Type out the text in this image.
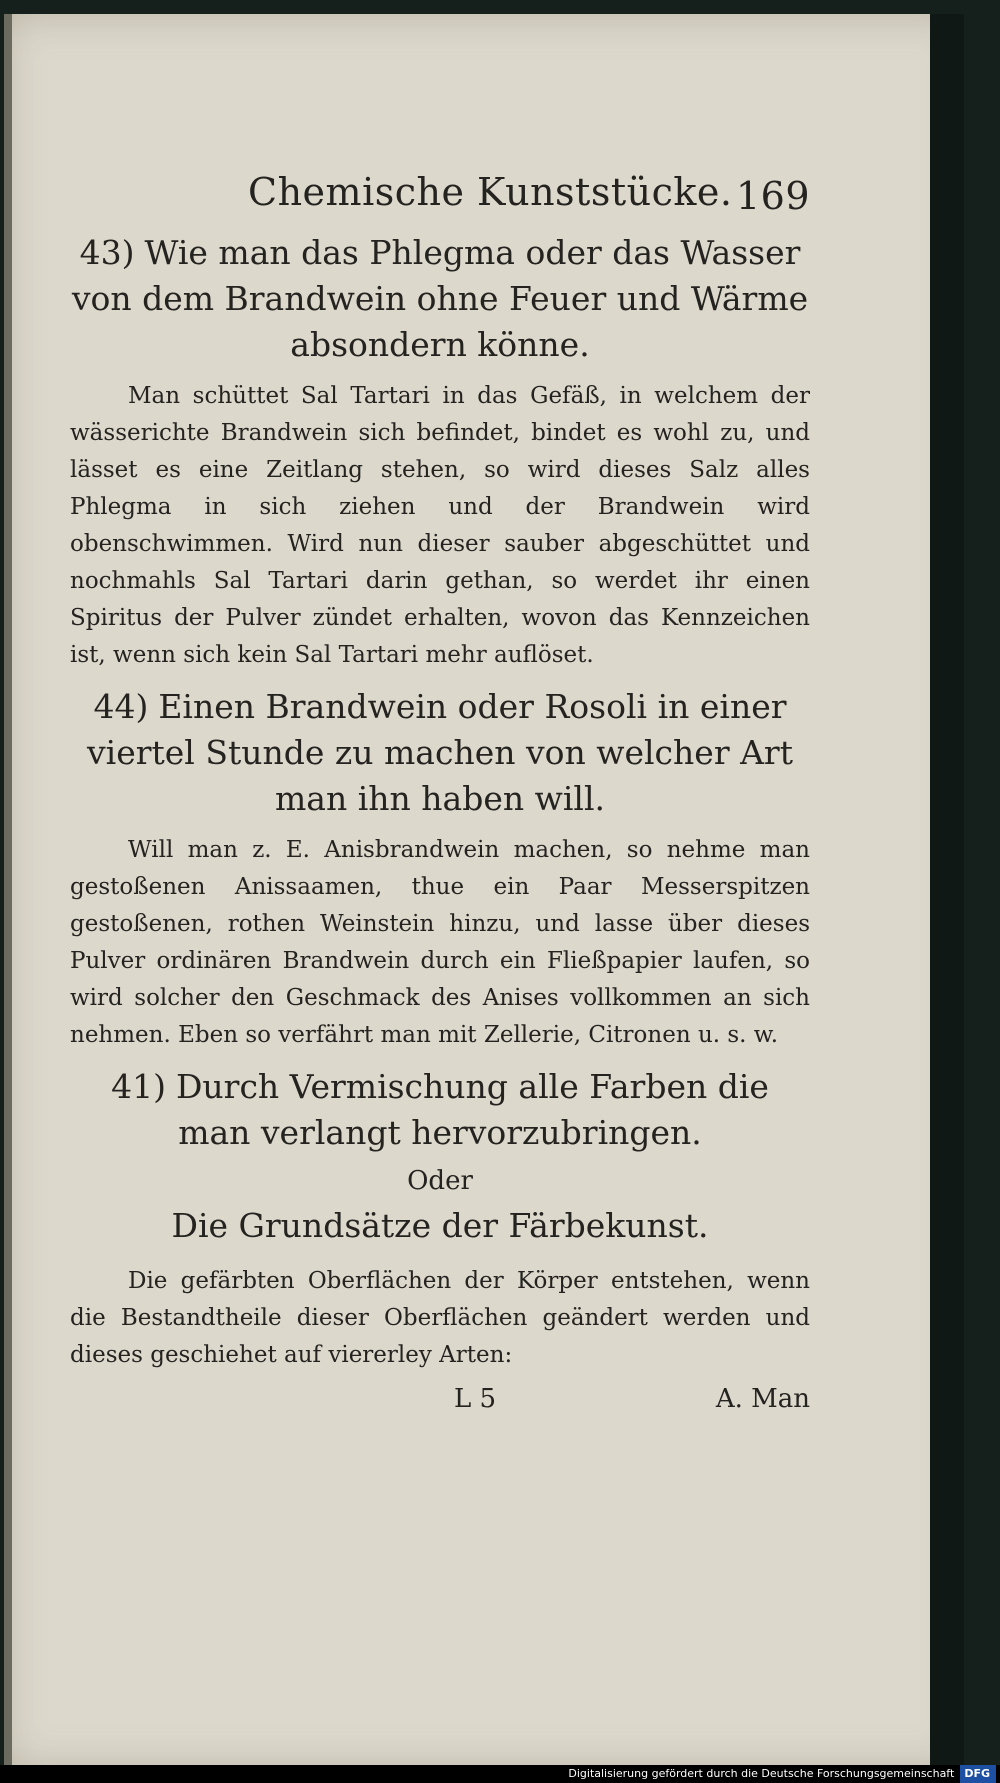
Chemische Kunststücke. 169
43) Wie man das Phlegma oder das Wasser von dem Brandwein ohne Feuer und Wärme absondern könne.

Man schüttet Sal Tartari in das Gefäß, in welchem der wässerichte Brandwein sich befindet, bindet es wohl zu, und lässet es eine Zeitlang stehen, so wird dieses Salz alles Phlegma in sich ziehen und der Brandwein wird obenschwimmen. Wird nun dieser sauber abgeschüttet und nochmahls Sal Tartari darin gethan, so werdet ihr einen Spiritus der Pulver zündet erhalten, wovon das Kennzeichen ist, wenn sich kein Sal Tartari mehr auflöset.

44) Einen Brandwein oder Rosoli in einer viertel Stunde zu machen von welcher Art man ihn haben will.

Will man z. E. Anisbrandwein machen, so nehme man gestoßenen Anissaamen, thue ein Paar Messerspitzen gestoßenen, rothen Weinstein hinzu, und lasse über dieses Pulver ordinären Brandwein durch ein Fließpapier laufen, so wird solcher den Geschmack des Anises vollkommen an sich nehmen. Eben so verfährt man mit Zellerie, Citronen u. s. w.

41) Durch Vermischung alle Farben die man verlangt hervorzubringen.
Oder
Die Grundsätze der Färbekunst.

Die gefärbten Oberflächen der Körper entstehen, wenn die Bestandtheile dieser Oberflächen geändert werden und dieses geschiehet auf viererley Arten:

L 5	A. Man
Digitalisierung gefördert durch die Deutsche Forschungsgemeinschaft DFG
